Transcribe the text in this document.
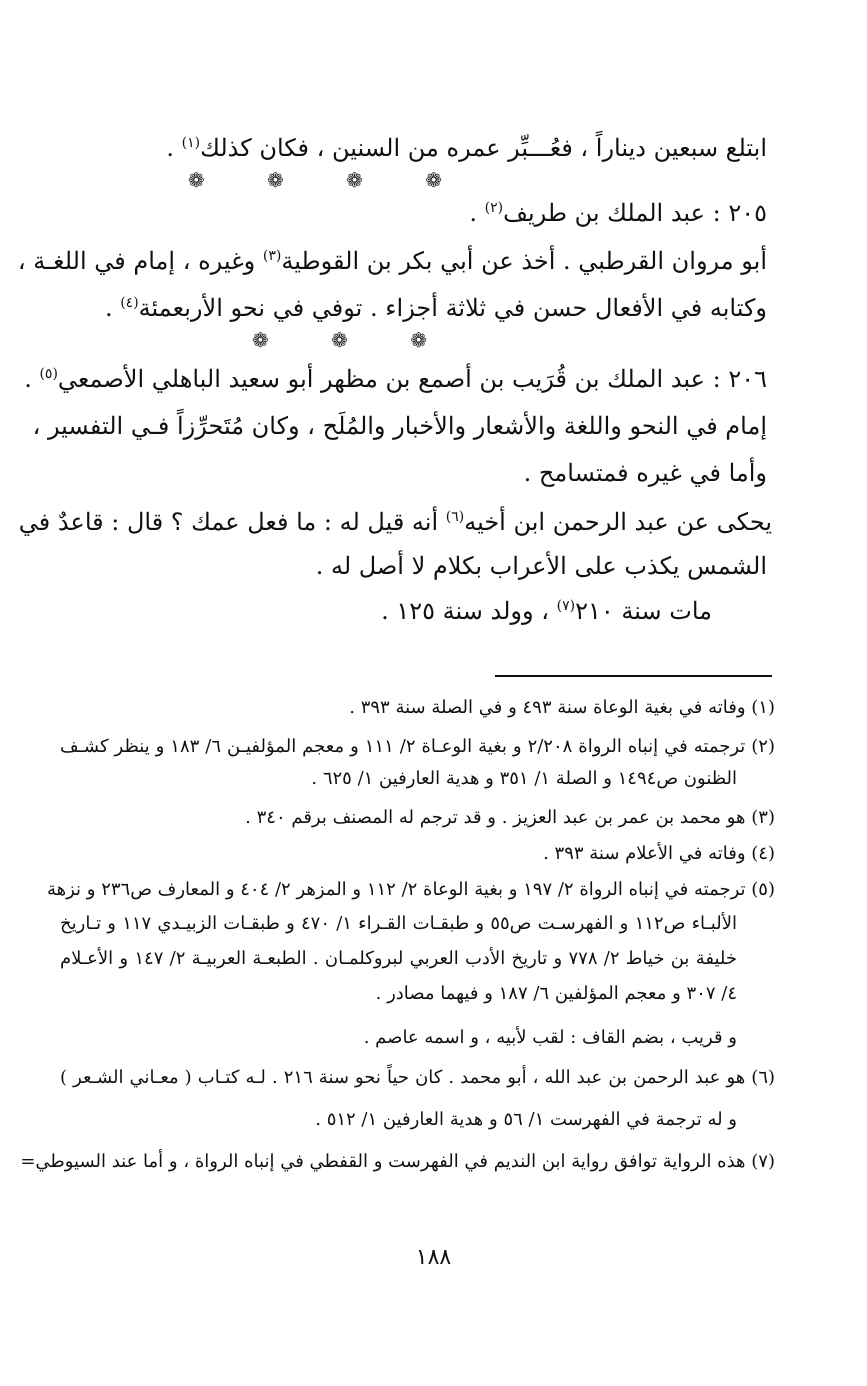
ابتلع سبعين ديناراً ، فعُـــبِّر عمره من السنين ، فكان كذلك$^{(١)}$ .
❁ ❁ ❁ ❁
٢٠٥ : عبد الملك بن طريف$^{(٢)}$ .
أبو مروان القرطبي . أخذ عن أبي بكر بن القوطية$^{(٣)}$ وغيره ، إمام في اللغـة ،
وكتابه في الأفعال حسن في ثلاثة أجزاء . توفي في نحو الأربعمئة$^{(٤)}$ .
❁ ❁ ❁
٢٠٦ : عبد الملك بن قُرَيب بن أصمع بن مظهر أبو سعيد الباهلي الأصمعي$^{(٥)}$ .
إمام في النحو واللغة والأشعار والأخبار والمُلَح ، وكان مُتَحرِّزاً فـي التفسير ،
وأما في غيره فمتسامح .
يحكى عن عبد الرحمن ابن أخيه$^{(٦)}$ أنه قيل له : ما فعل عمك ؟ قال : قاعدٌ في
الشمس يكذب على الأعراب بكلام لا أصل له .
مات سنة ٢١٠$^{(٧)}$ ، وولد سنة ١٢٥ .
(١) وفاته في بغية الوعاة سنة ٤٩٣ و في الصلة سنة ٣٩٣ .
(٢) ترجمته في إنباه الرواة ٢/٢٠٨ و بغية الوعـاة ٢/ ١١١ و معجم المؤلفيـن ٦/ ١٨٣ و ينظر كشـف
الظنون ص١٤٩٤ و الصلة ١/ ٣٥١ و هدية العارفين ١/ ٦٢٥ .
(٣) هو محمد بن عمر بن عبد العزيز . و قد ترجم له المصنف برقم ٣٤٠ .
(٤) وفاته في الأعلام سنة ٣٩٣ .
(٥) ترجمته في إنباه الرواة ٢/ ١٩٧ و بغية الوعاة ٢/ ١١٢ و المزهر ٢/ ٤٠٤ و المعارف ص٢٣٦ و نزهة
الألبـاء ص١١٢ و الفهرسـت ص٥٥ و طبقـات القـراء ١/ ٤٧٠ و طبقـات الزبيـدي ١١٧ و تـاريخ
خليفة بن خياط ٢/ ٧٧٨ و تاريخ الأدب العربي لبروكلمـان . الطبعـة العربيـة ٢/ ١٤٧ و الأعـلام
٤/ ٣٠٧ و معجم المؤلفين ٦/ ١٨٧ و فيهما مصادر .
و قريب ، بضم القاف : لقب لأبيه ، و اسمه عاصم .
(٦) هو عبد الرحمن بن عبد الله ، أبو محمد . كان حياً نحو سنة ٢١٦ . لـه كتـاب ( معـاني الشـعر )
و له ترجمة في الفهرست ١/ ٥٦ و هدية العارفين ١/ ٥١٢ .
(٧) هذه الرواية توافق رواية ابن النديم في الفهرست و القفطي في إنباه الرواة ، و أما عند السيوطي=
١٨٨
